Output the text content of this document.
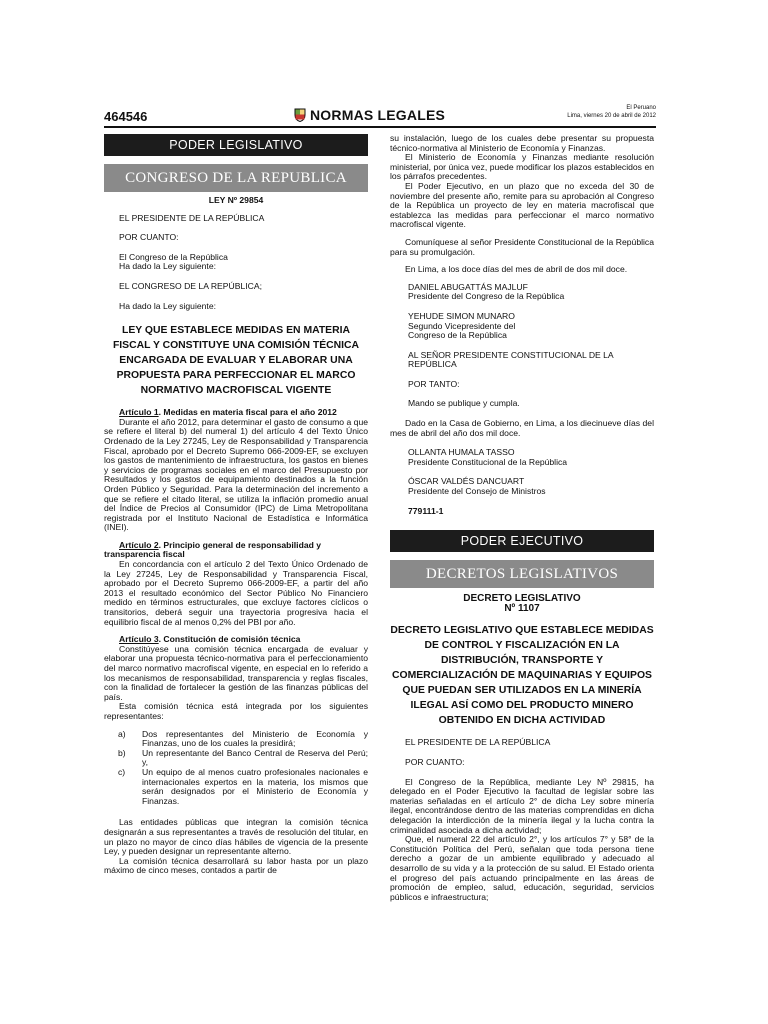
464546	NORMAS LEGALES	El Peruano
Lima, viernes 20 de abril de 2012
PODER LEGISLATIVO
CONGRESO DE LA REPUBLICA

LEY Nº 29854

EL PRESIDENTE DE LA REPÚBLICA

POR CUANTO:

El Congreso de la República

Ha dado la Ley siguiente:

EL CONGRESO DE LA REPÚBLICA;

Ha dado la Ley siguiente:

LEY QUE ESTABLECE MEDIDAS EN MATERIA FISCAL Y CONSTITUYE UNA COMISIÓN TÉCNICA ENCARGADA DE EVALUAR Y ELABORAR UNA PROPUESTA PARA PERFECCIONAR EL MARCO NORMATIVO MACROFISCAL VIGENTE

Artículo 1. Medidas en materia fiscal para el año 2012

Durante el año 2012, para determinar el gasto de consumo a que se refiere el literal b) del numeral 1) del artículo 4 del Texto Único Ordenado de la Ley 27245, Ley de Responsabilidad y Transparencia Fiscal, aprobado por el Decreto Supremo 066-2009-EF, se excluyen los gastos de mantenimiento de infraestructura, los gastos en bienes y servicios de programas sociales en el marco del Presupuesto por Resultados y los gastos de equipamiento destinados a la función Orden Público y Seguridad. Para la determinación del incremento a que se refiere el citado literal, se utiliza la inflación promedio anual del Índice de Precios al Consumidor (IPC) de Lima Metropolitana registrada por el Instituto Nacional de Estadística e Informática (INEI).

Artículo 2. Principio general de responsabilidad y transparencia fiscal

En concordancia con el artículo 2 del Texto Único Ordenado de la Ley 27245, Ley de Responsabilidad y Transparencia Fiscal, aprobado por el Decreto Supremo 066-2009-EF, a partir del año 2013 el resultado económico del Sector Público No Financiero medido en términos estructurales, que excluye factores cíclicos o transitorios, deberá seguir una trayectoria progresiva hacia el equilibrio fiscal de al menos 0,2% del PBI por año.

Artículo 3. Constitución de comisión técnica

Constitúyese una comisión técnica encargada de evaluar y elaborar una propuesta técnico-normativa para el perfeccionamiento del marco normativo macrofiscal vigente, en especial en lo referido a los mecanismos de responsabilidad, transparencia y reglas fiscales, con la finalidad de fortalecer la gestión de las finanzas públicas del país.

Esta comisión técnica está integrada por los siguientes representantes:

a)	Dos representantes del Ministerio de Economía y Finanzas, uno de los cuales la presidirá;
b)	Un representante del Banco Central de Reserva del Perú; y,
c)	Un equipo de al menos cuatro profesionales nacionales e internacionales expertos en la materia, los mismos que serán designados por el Ministerio de Economía y Finanzas.

Las entidades públicas que integran la comisión técnica designarán a sus representantes a través de resolución del titular, en un plazo no mayor de cinco días hábiles de vigencia de la presente Ley, y pueden designar un representante alterno.

La comisión técnica desarrollará su labor hasta por un plazo máximo de cinco meses, contados a partir de

su instalación, luego de los cuales debe presentar su propuesta técnico-normativa al Ministerio de Economía y Finanzas.

El Ministerio de Economía y Finanzas mediante resolución ministerial, por única vez, puede modificar los plazos establecidos en los párrafos precedentes.

El Poder Ejecutivo, en un plazo que no exceda del 30 de noviembre del presente año, remite para su aprobación al Congreso de la República un proyecto de ley en materia macrofiscal que establezca las medidas para perfeccionar el marco normativo macrofiscal vigente.

Comuníquese al señor Presidente Constitucional de la República para su promulgación.

En Lima, a los doce días del mes de abril de dos mil doce.

DANIEL ABUGATTÁS MAJLUF

Presidente del Congreso de la República

YEHUDE SIMON MUNARO

Segundo Vicepresidente del

Congreso de la República

AL SEÑOR PRESIDENTE CONSTITUCIONAL DE LA REPÚBLICA

POR TANTO:

Mando se publique y cumpla.

Dado en la Casa de Gobierno, en Lima, a los diecinueve días del mes de abril del año dos mil doce.

OLLANTA HUMALA TASSO

Presidente Constitucional de la República

ÓSCAR VALDÉS DANCUART

Presidente del Consejo de Ministros

779111-1

PODER EJECUTIVO
DECRETOS LEGISLATIVOS

DECRETO LEGISLATIVO

Nº 1107

DECRETO LEGISLATIVO QUE ESTABLECE MEDIDAS DE CONTROL Y FISCALIZACIÓN EN LA DISTRIBUCIÓN, TRANSPORTE Y COMERCIALIZACIÓN DE MAQUINARIAS Y EQUIPOS QUE PUEDAN SER UTILIZADOS EN LA MINERÍA ILEGAL ASÍ COMO DEL PRODUCTO MINERO OBTENIDO EN DICHA ACTIVIDAD

EL PRESIDENTE DE LA REPÚBLICA

POR CUANTO:

El Congreso de la República, mediante Ley Nº 29815, ha delegado en el Poder Ejecutivo la facultad de legislar sobre las materias señaladas en el artículo 2° de dicha Ley sobre minería ilegal, encontrándose dentro de las materias comprendidas en dicha delegación la interdicción de la minería ilegal y la lucha contra la criminalidad asociada a dicha actividad;

Que, el numeral 22 del artículo 2°, y los artículos 7° y 58° de la Constitución Política del Perú, señalan que toda persona tiene derecho a gozar de un ambiente equilibrado y adecuado al desarrollo de su vida y a la protección de su salud. El Estado orienta el progreso del país actuando principalmente en las áreas de promoción de empleo, salud, educación, seguridad, servicios públicos e infraestructura;
